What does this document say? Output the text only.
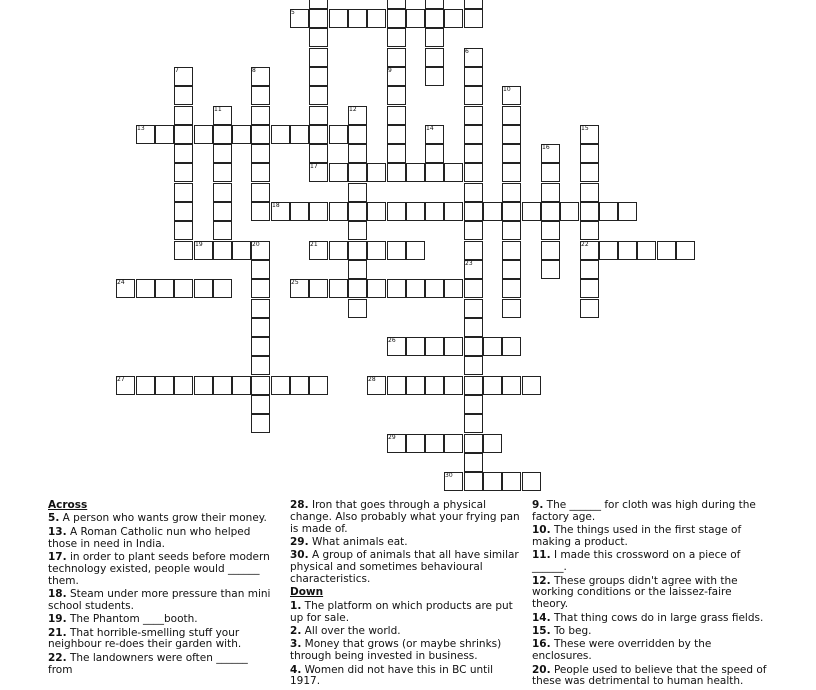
5
6
7	8	9
10
11	12
13	14	15
16
17
18
19	20	21	22
23
24	25
26
27	28
29
30

Across

5. A person who wants grow their money.

13. A Roman Catholic nun who helped those in need in India.

17. in order to plant seeds before modern technology existed, people would ______ them.

18. Steam under more pressure than mini school students.

19. The Phantom ____booth.

21. That horrible-smelling stuff your neighbour re-does their garden with.

22. The landowners were often ______ from

28. Iron that goes through a physical change. Also probably what your frying pan is made of.

29. What animals eat.

30. A group of animals that all have similar physical and sometimes behavioural characteristics.

Down

1. The platform on which products are put up for sale.

2. All over the world.

3. Money that grows (or maybe shrinks) through being invested in business.

4. Women did not have this in BC until 1917.

9. The ______ for cloth was high during the factory age.

10. The things used in the first stage of making a product.

11. I made this crossword on a piece of ______.

12. These groups didn't agree with the working conditions or the laissez-faire theory.

14. That thing cows do in large grass fields.

15. To beg.

16. These were overridden by the enclosures.

20. People used to believe that the speed of these was detrimental to human health.
